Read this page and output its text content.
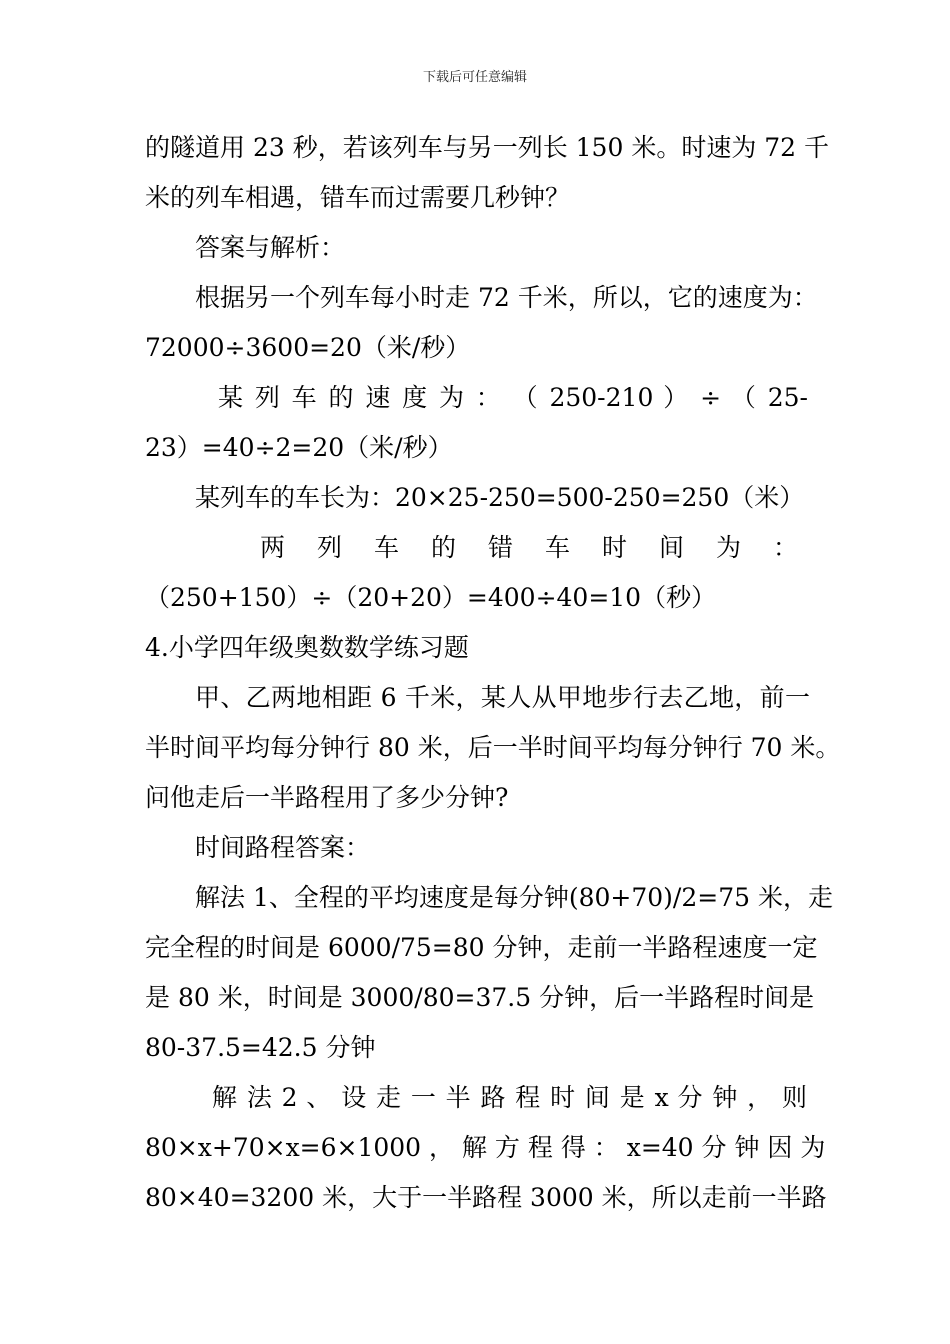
下载后可任意编辑
的隧道用 23 秒，若该列车与另一列长 150 米。时速为 72 千
米的列车相遇，错车而过需要几秒钟？
答案与解析：
根据另一个列车每小时走 72 千米，所以，它的速度为：
72000÷3600=20（米/秒）
某 列 车 的 速 度 为 ： （ 250-210 ） ÷ （ 25-
23）=40÷2=20（米/秒）
某列车的车长为：20×25-250=500-250=250（米）
两 列 车 的 错 车 时 间 为 ：
（250+150）÷（20+20）=400÷40=10（秒）
4.小学四年级奥数数学练习题
甲、乙两地相距 6 千米，某人从甲地步行去乙地，前一
半时间平均每分钟行 80 米，后一半时间平均每分钟行 70 米。
问他走后一半路程用了多少分钟?
时间路程答案：
解法 1、全程的平均速度是每分钟(80+70)/2=75 米，走
完全程的时间是 6000/75=80 分钟，走前一半路程速度一定
是 80 米，时间是 3000/80=37.5 分钟，后一半路程时间是
80-37.5=42.5 分钟
解 法 2 、 设 走 一 半 路 程 时 间 是 x 分 钟 ， 则
80×x+70×x=6×1000 ， 解 方 程 得 ： x=40 分 钟 因 为
80×40=3200 米，大于一半路程 3000 米，所以走前一半路
